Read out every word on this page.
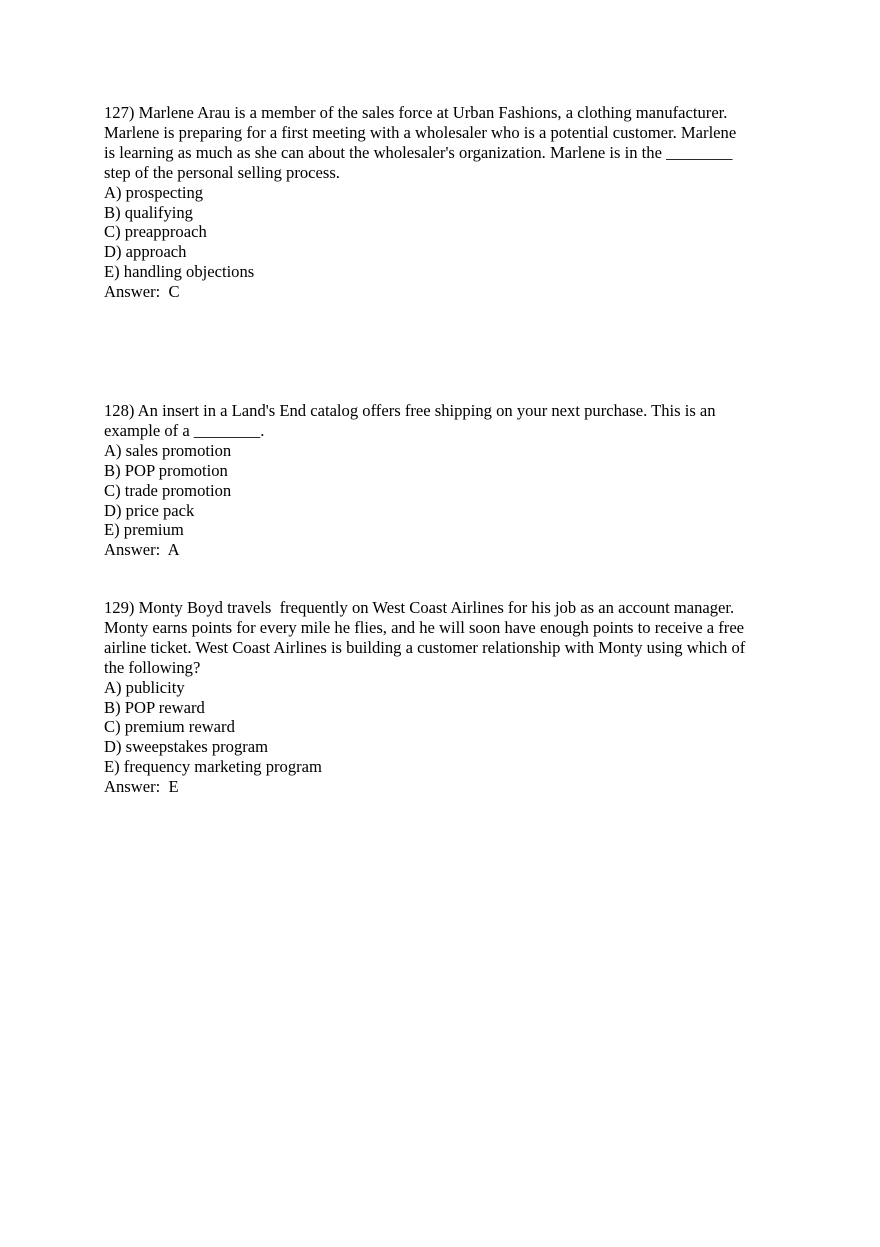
127) Marlene Arau is a member of the sales force at Urban Fashions, a clothing manufacturer.
Marlene is preparing for a first meeting with a wholesaler who is a potential customer. Marlene
is learning as much as she can about the wholesaler's organization. Marlene is in the ________
step of the personal selling process.
A) prospecting
B) qualifying
C) preapproach
D) approach
E) handling objections
Answer:  C
128) An insert in a Land's End catalog offers free shipping on your next purchase. This is an
example of a ________.
A) sales promotion
B) POP promotion
C) trade promotion
D) price pack
E) premium
Answer:  A
129) Monty Boyd travels  frequently on West Coast Airlines for his job as an account manager.
Monty earns points for every mile he flies, and he will soon have enough points to receive a free
airline ticket. West Coast Airlines is building a customer relationship with Monty using which of
the following?
A) publicity
B) POP reward
C) premium reward
D) sweepstakes program
E) frequency marketing program
Answer:  E
